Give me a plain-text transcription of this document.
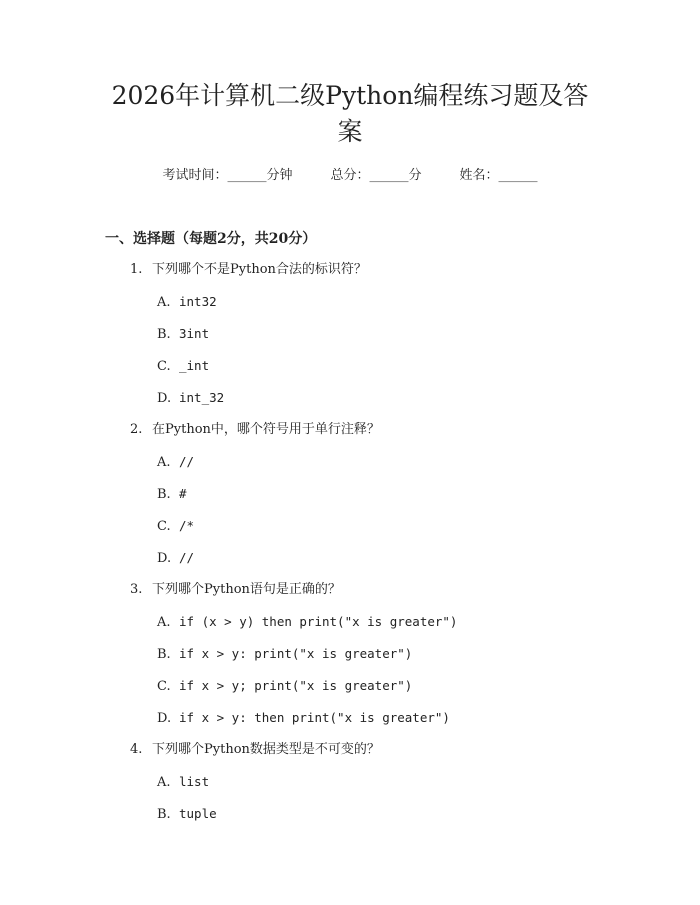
2026年计算机二级Python编程练习题及答案
考试时间：______分钟	总分：______分	姓名：______
一、选择题（每题2分，共20分）
1. 下列哪个不是Python合法的标识符？
A. int32
B. 3int
C. _int
D. int_32
2. 在Python中，哪个符号用于单行注释？
A. //
B. #
C. /*
D. //
3. 下列哪个Python语句是正确的？
A. if (x > y) then print("x is greater")
B. if x > y: print("x is greater")
C. if x > y; print("x is greater")
D. if x > y: then print("x is greater")
4. 下列哪个Python数据类型是不可变的？
A. list
B. tuple
